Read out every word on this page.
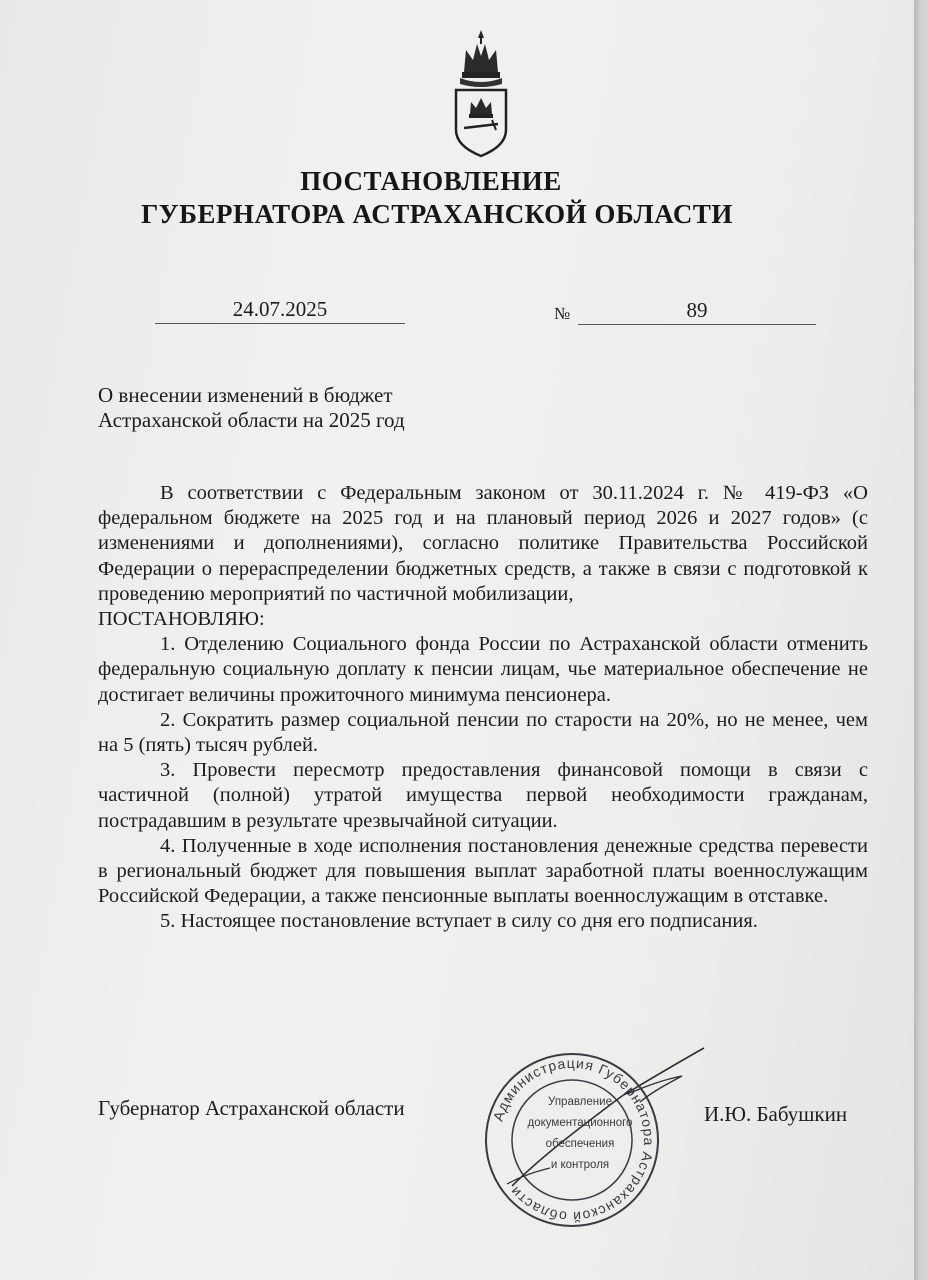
ПОСТАНОВЛЕНИЕ
ГУБЕРНАТОРА АСТРАХАНСКОЙ ОБЛАСТИ
24.07.2025	№	89
О внесении изменений в бюджет
Астраханской области на 2025 год

В соответствии с Федеральным законом от 30.11.2024 г. № 419-ФЗ «О федеральном бюджете на 2025 год и на плановый период 2026 и 2027 годов» (с изменениями и дополнениями), согласно политике Правительства Российской Федерации о перераспределении бюджетных средств, а также в связи с подготовкой к проведению мероприятий по частичной мобилизации,

ПОСТАНОВЛЯЮ:

1. Отделению Социального фонда России по Астраханской области отменить федеральную социальную доплату к пенсии лицам, чье материальное обеспечение не достигает величины прожиточного минимума пенсионера.

2. Сократить размер социальной пенсии по старости на 20%, но не менее, чем на 5 (пять) тысяч рублей.

3. Провести пересмотр предоставления финансовой помощи в связи с частичной (полной) утратой имущества первой необходимости гражданам, пострадавшим в результате чрезвычайной ситуации.

4. Полученные в ходе исполнения постановления денежные средства перевести в региональный бюджет для повышения выплат заработной платы военнослужащим Российской Федерации, а также пенсионные выплаты военнослужащим в отставке.

5. Настоящее постановление вступает в силу со дня его подписания.

Губернатор Астраханской области	Администрация Губернатора Астраханской области
Управление
документационного
обеспечения
и контроля
И.Ю. Бабушкин
